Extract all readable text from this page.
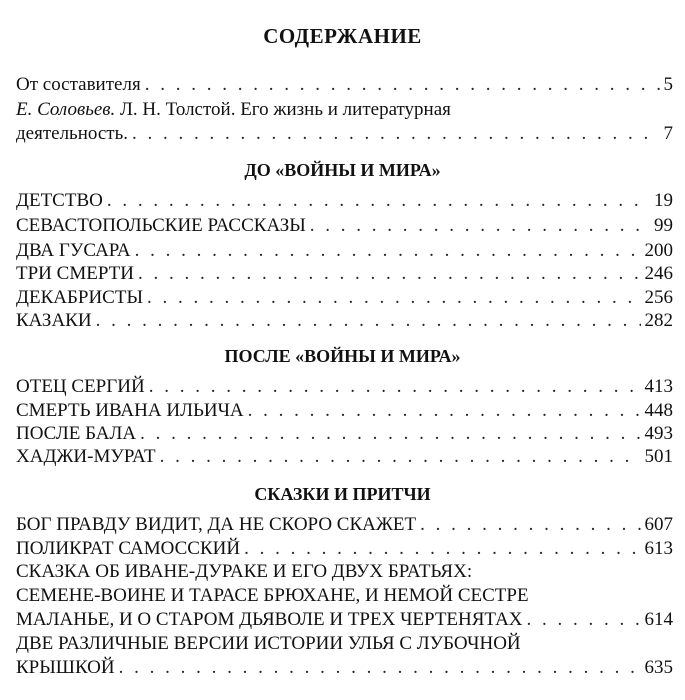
СОДЕРЖАНИЕ
От составителя . . .	5
Е. Соловьев. Л. Н. Толстой. Его жизнь и литературная
деятельность. . . .	7
ДО «ВОЙНЫ И МИРА»
ДЕТСТВО . . .	19
СЕВАСТОПОЛЬСКИЕ РАССКАЗЫ . . .	99
ДВА ГУСАРА . . .	200
ТРИ СМЕРТИ . . .	246
ДЕКАБРИСТЫ . . .	256
КАЗАКИ . . .	282
ПОСЛЕ «ВОЙНЫ И МИРА»
ОТЕЦ СЕРГИЙ . . .	413
СМЕРТЬ ИВАНА ИЛЬИЧА . . .	448
ПОСЛЕ БАЛА . . .	493
ХАДЖИ-МУРАТ . . .	501
СКАЗКИ И ПРИТЧИ
БОГ ПРАВДУ ВИДИТ, ДА НЕ СКОРО СКАЖЕТ . . .	607
ПОЛИКРАТ САМОССКИЙ . . .	613
СКАЗКА ОБ ИВАНЕ-ДУРАКЕ И ЕГО ДВУХ БРАТЬЯХ:
СЕМЕНЕ-ВОИНЕ И ТАРАСЕ БРЮХАНЕ, И НЕМОЙ СЕСТРЕ
МАЛАНЬЕ, И О СТАРОМ ДЬЯВОЛЕ И ТРЕХ ЧЕРТЕНЯТАХ . . .	614
ДВЕ РАЗЛИЧНЫЕ ВЕРСИИ ИСТОРИИ УЛЬЯ С ЛУБОЧНОЙ
КРЫШКОЙ . . .	635
